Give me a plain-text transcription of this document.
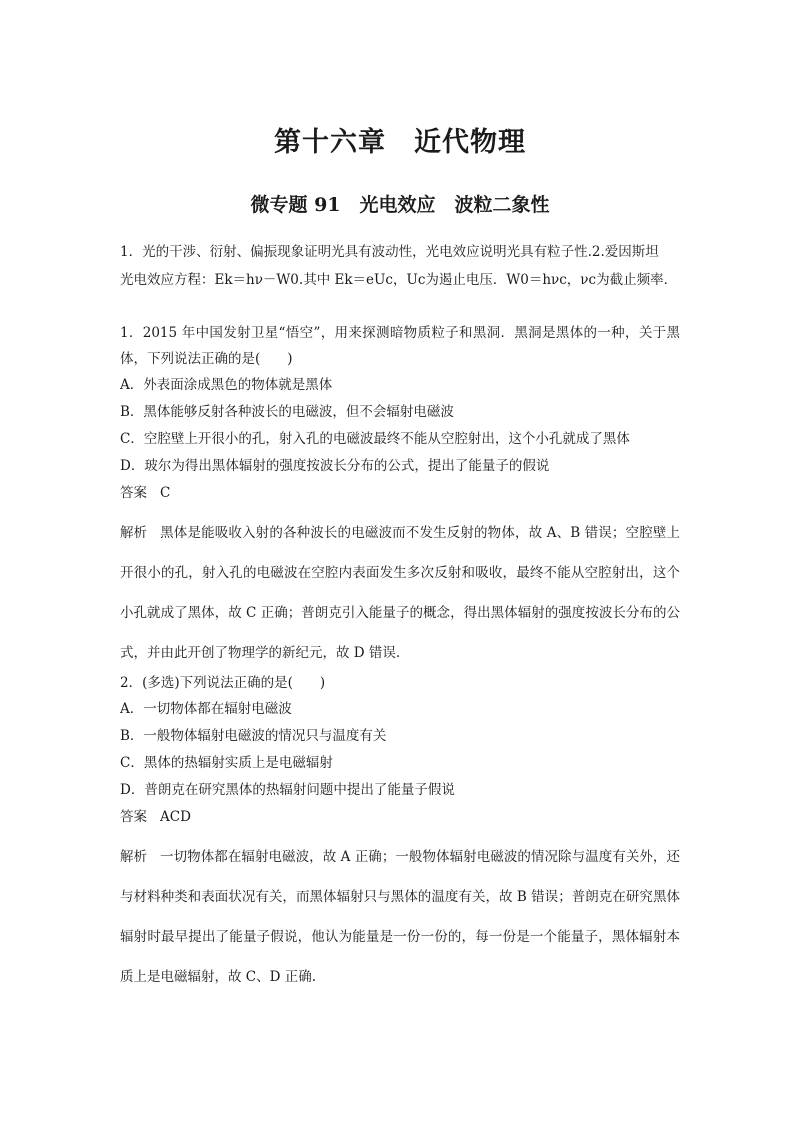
第十六章　近代物理
微专题 91　光电效应　波粒二象性
1．光的干涉、衍射、偏振现象证明光具有波动性，光电效应说明光具有粒子性.2.爱因斯坦
光电效应方程：Ek＝hν－W0.其中 Ek＝eUc，Uc为遏止电压．W0＝hνc，νc为截止频率．
1．2015 年中国发射卫星“悟空”，用来探测暗物质粒子和黑洞．黑洞是黑体的一种，关于黑体，下列说法正确的是(　　)
A．外表面涂成黑色的物体就是黑体
B．黑体能够反射各种波长的电磁波，但不会辐射电磁波
C．空腔壁上开很小的孔，射入孔的电磁波最终不能从空腔射出，这个小孔就成了黑体
D．玻尔为得出黑体辐射的强度按波长分布的公式，提出了能量子的假说
答案 C
解析 黑体是能吸收入射的各种波长的电磁波而不发生反射的物体，故 A、B 错误；空腔壁上开很小的孔，射入孔的电磁波在空腔内表面发生多次反射和吸收，最终不能从空腔射出，这个小孔就成了黑体，故 C 正确；普朗克引入能量子的概念，得出黑体辐射的强度按波长分布的公式，并由此开创了物理学的新纪元，故 D 错误.
2．(多选)下列说法正确的是(　　)
A．一切物体都在辐射电磁波
B．一般物体辐射电磁波的情况只与温度有关
C．黑体的热辐射实质上是电磁辐射
D．普朗克在研究黑体的热辐射问题中提出了能量子假说
答案 ACD
解析 一切物体都在辐射电磁波，故 A 正确；一般物体辐射电磁波的情况除与温度有关外，还与材料种类和表面状况有关，而黑体辐射只与黑体的温度有关，故 B 错误；普朗克在研究黑体辐射时最早提出了能量子假说，他认为能量是一份一份的，每一份是一个能量子，黑体辐射本质上是电磁辐射，故 C、D 正确.
